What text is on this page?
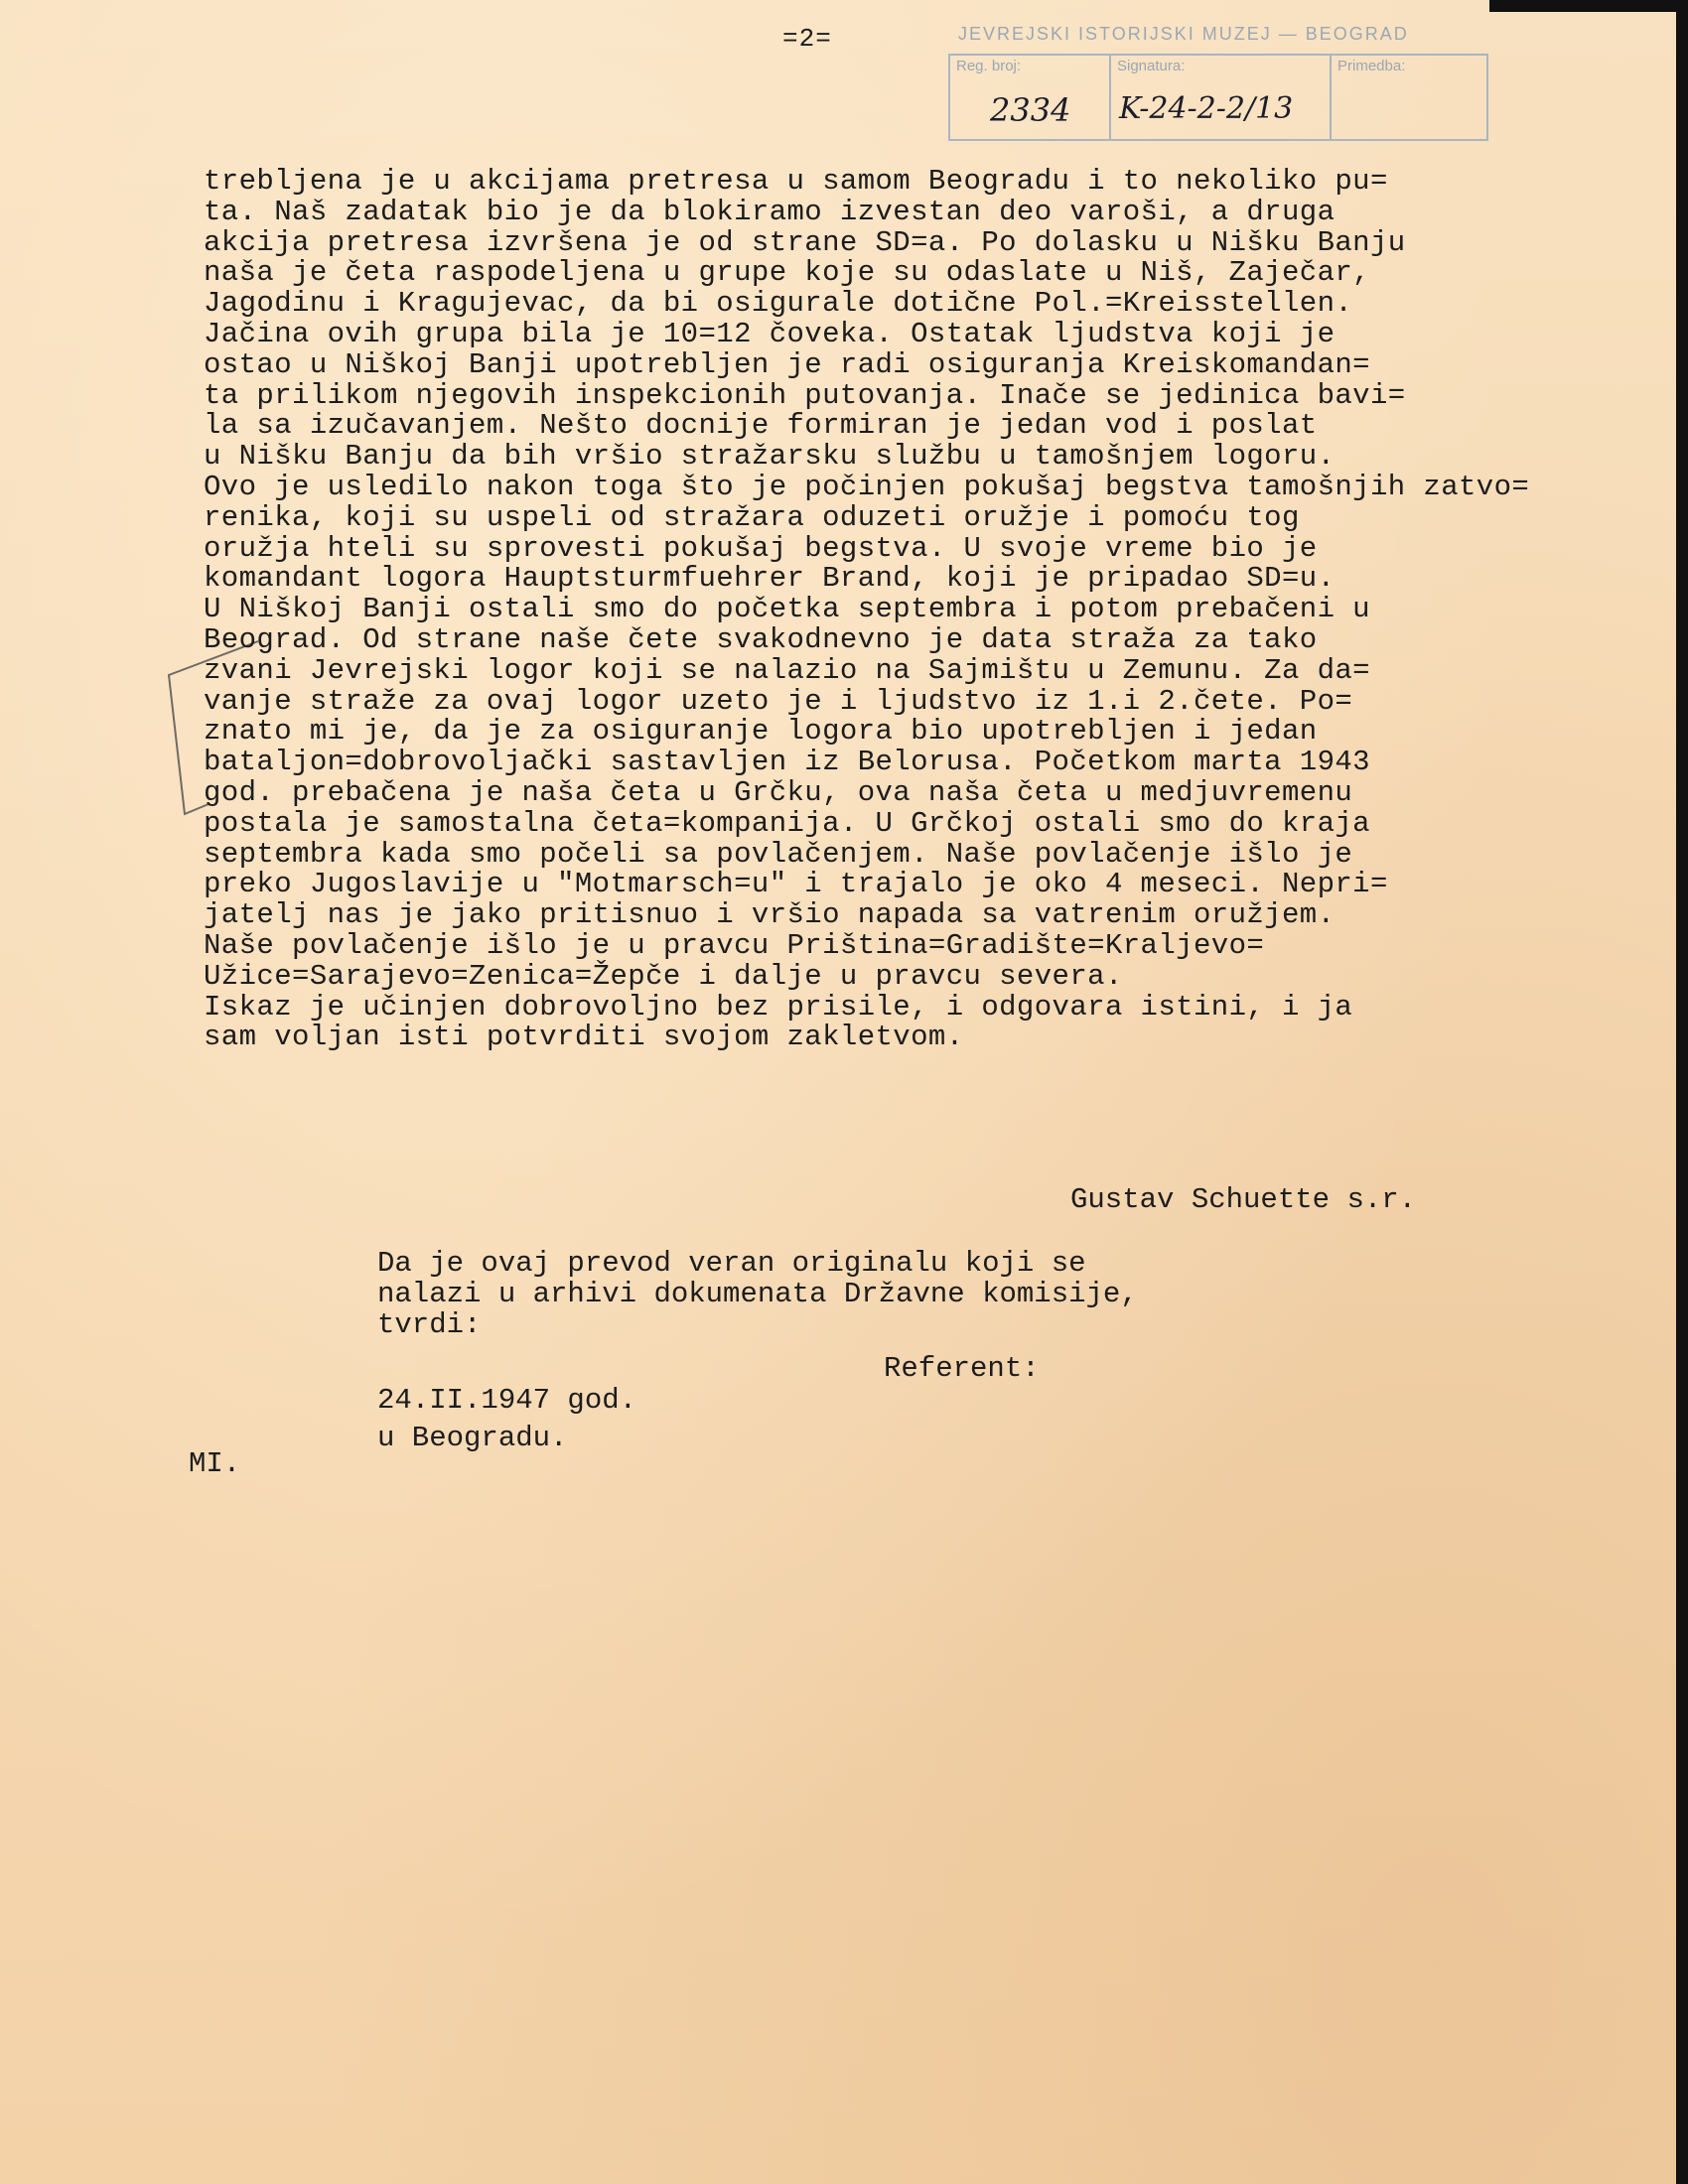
=2=	JEVREJSKI ISTORIJSKI MUZEJ — BEOGRAD
Reg. broj:
2334
Signatura:
K-24-2-2/13
Primedba:
trebljena je u akcijama pretresa u samom Beogradu i to nekoliko pu=
ta. Naš zadatak bio je da blokiramo izvestan deo varoši, a druga
akcija pretresa izvršena je od strane SD=a. Po dolasku u Nišku Banju
naša je četa raspodeljena u grupe koje su odaslate u Niš, Zaječar,
Jagodinu i Kragujevac, da bi osigurale dotične Pol.=Kreisstellen.
Jačina ovih grupa bila je 10=12 čoveka. Ostatak ljudstva koji je
ostao u Niškoj Banji upotrebljen je radi osiguranja Kreiskomandan=
ta prilikom njegovih inspekcionih putovanja. Inače se jedinica bavi=
la sa izučavanjem. Nešto docnije formiran je jedan vod i poslat
u Nišku Banju da bih vršio stražarsku službu u tamošnjem logoru.
Ovo je usledilo nakon toga što je počinjen pokušaj begstva tamošnjih zatvo=
renika, koji su uspeli od stražara oduzeti oružje i pomoću tog
oružja hteli su sprovesti pokušaj begstva. U svoje vreme bio je
komandant logora Hauptsturmfuehrer Brand, koji je pripadao SD=u.
U Niškoj Banji ostali smo do početka septembra i potom prebačeni u
Beograd. Od strane naše čete svakodnevno je data straža za tako
zvani Jevrejski logor koji se nalazio na Sajmištu u Zemunu. Za da=
vanje straže za ovaj logor uzeto je i ljudstvo iz 1.i 2.čete. Po=
znato mi je, da je za osiguranje logora bio upotrebljen i jedan
bataljon=dobrovoljački sastavljen iz Belorusa. Početkom marta 1943
god. prebačena je naša četa u Grčku, ova naša četa u medjuvremenu
postala je samostalna četa=kompanija. U Grčkoj ostali smo do kraja
septembra kada smo počeli sa povlačenjem. Naše povlačenje išlo je
preko Jugoslavije u "Motmarsch=u" i trajalo je oko 4 meseci. Nepri=
jatelj nas je jako pritisnuo i vršio napada sa vatrenim oružjem.
Naše povlačenje išlo je u pravcu Priština=Gradište=Kraljevo=
Užice=Sarajevo=Zenica=Žepče i dalje u pravcu severa.
Iskaz je učinjen dobrovoljno bez prisile, i odgovara istini, i ja
sam voljan isti potvrditi svojom zakletvom.
Gustav Schuette s.r.
Da je ovaj prevod veran originalu koji se
nalazi u arhivi dokumenata Državne komisije,
tvrdi:
Referent:
24.II.1947 god.
u Beogradu.
MI.
